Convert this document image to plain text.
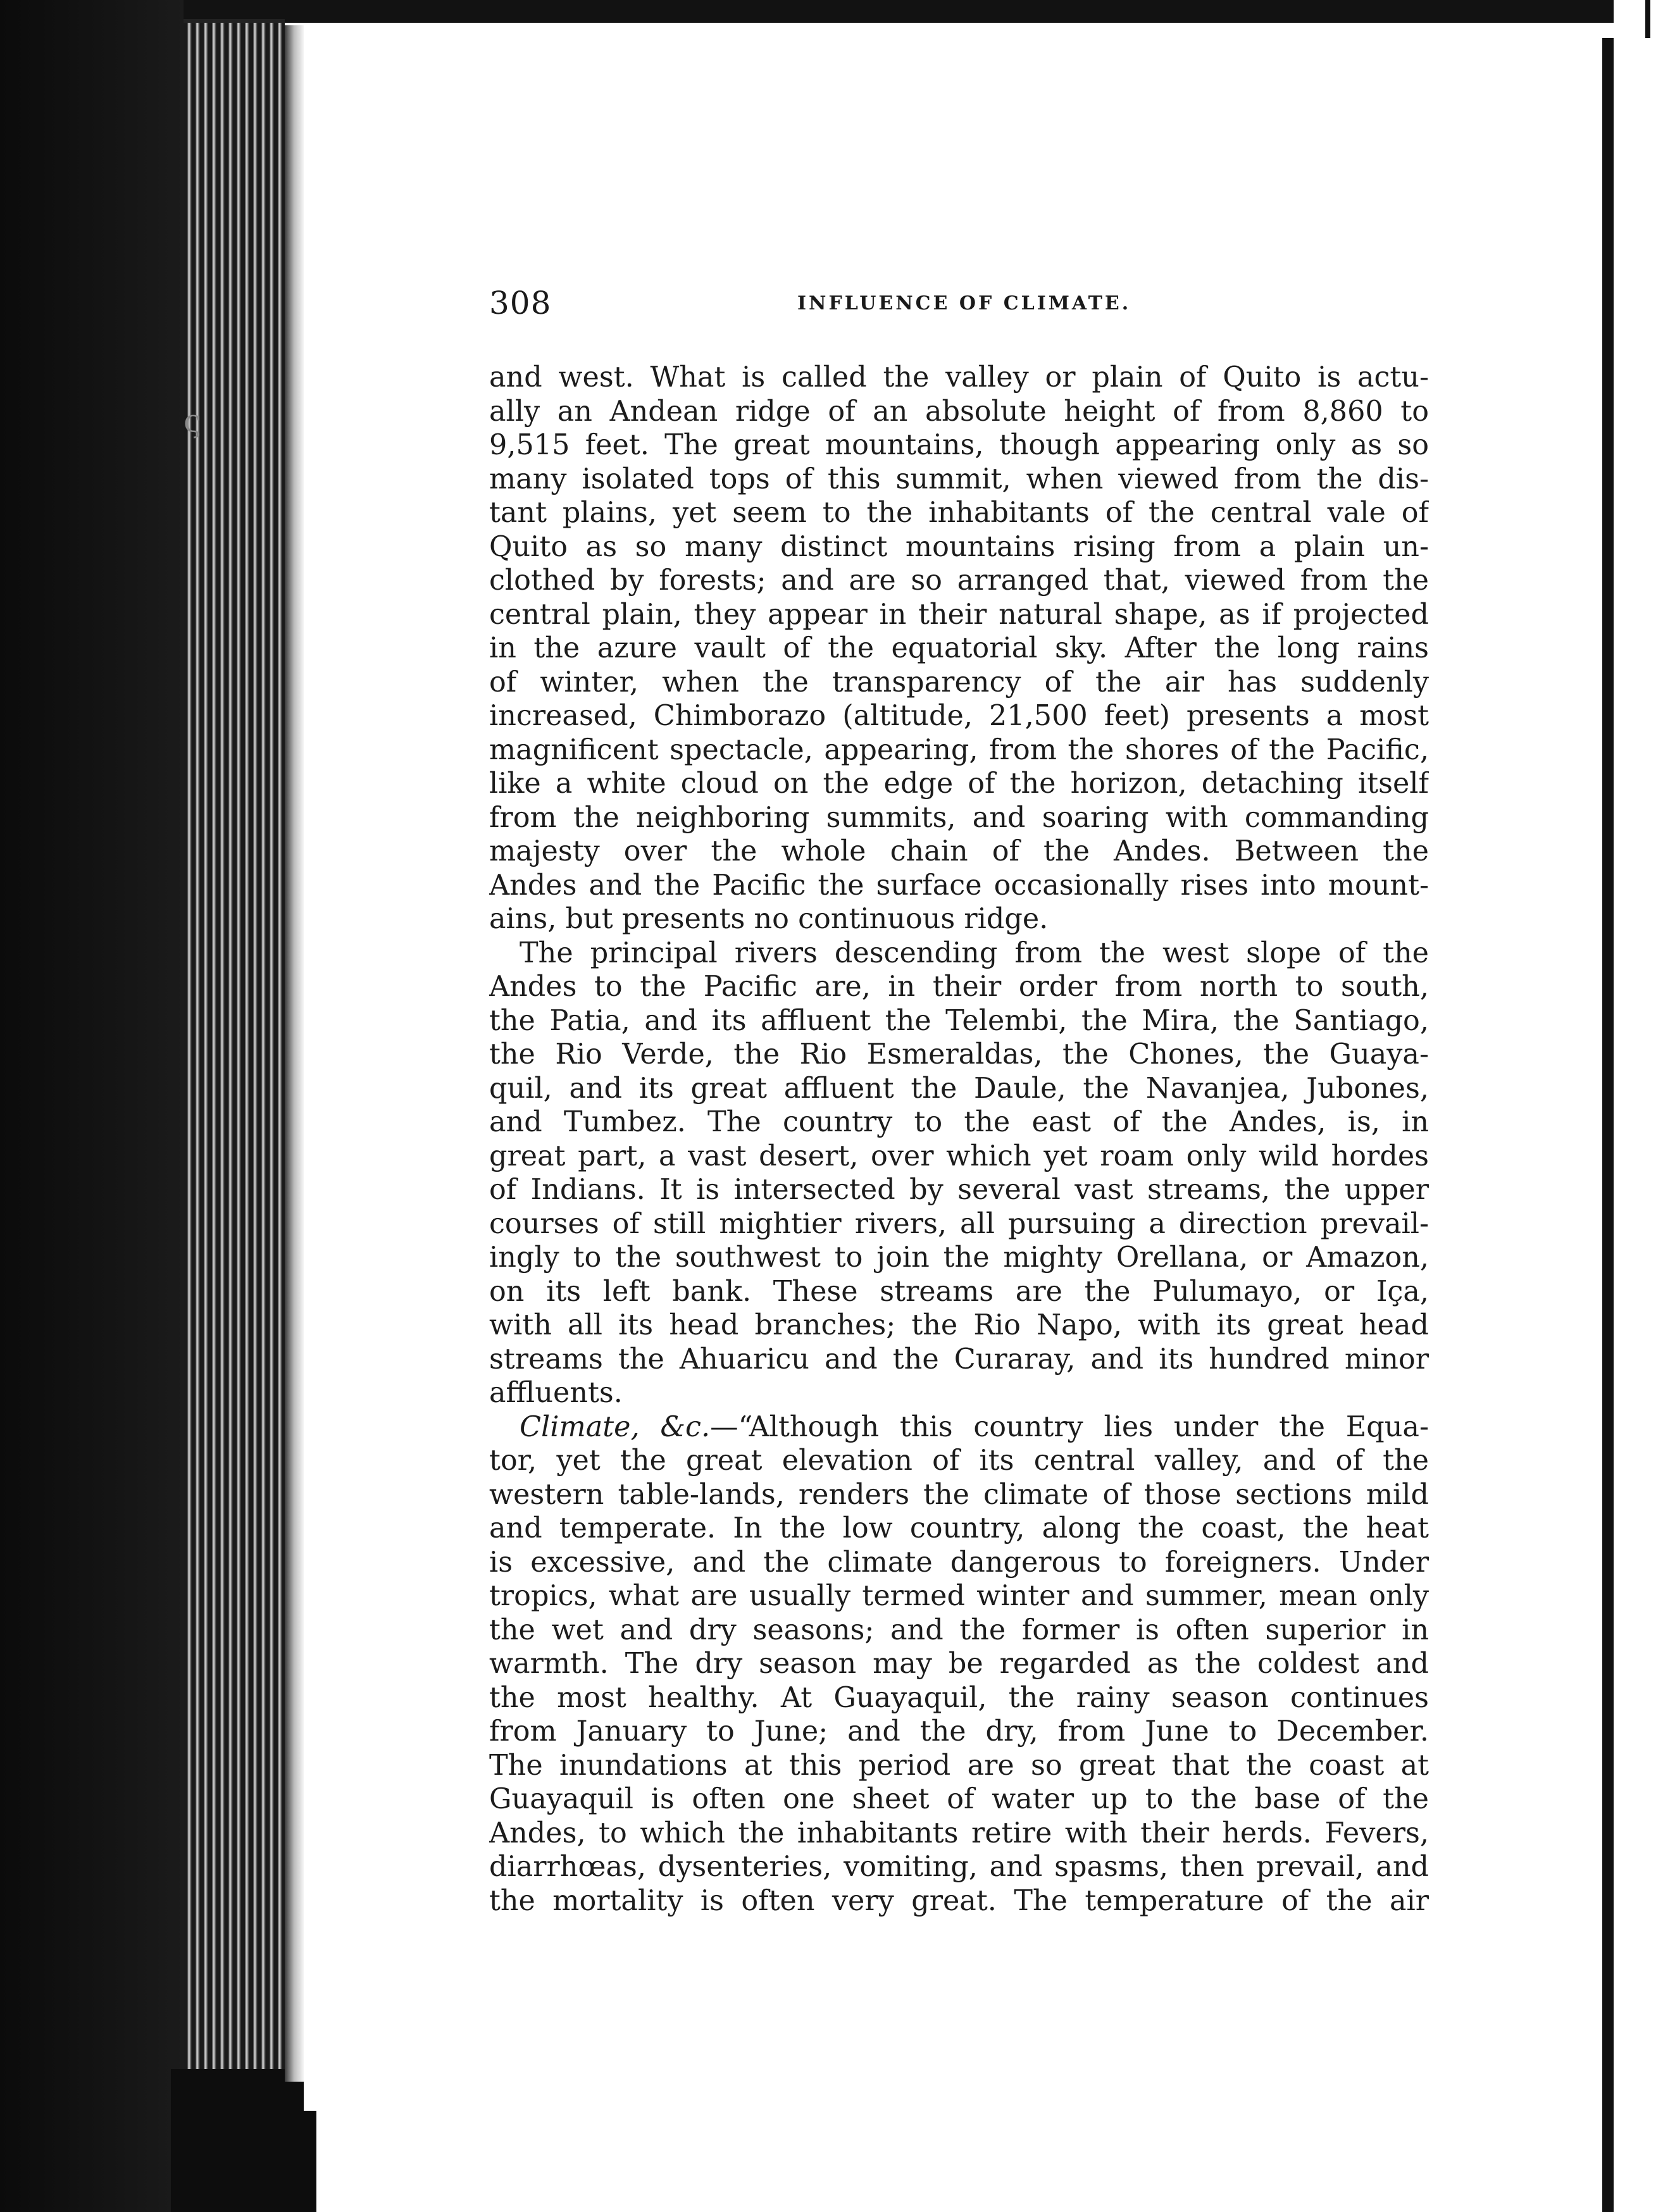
ς
308	INFLUENCE OF CLIMATE.
and west. What is called the valley or plain of Quito is actu-
ally an Andean ridge of an absolute height of from 8,860 to
9,515 feet. The great mountains, though appearing only as so
many isolated tops of this summit, when viewed from the dis-
tant plains, yet seem to the inhabitants of the central vale of
Quito as so many distinct mountains rising from a plain un-
clothed by forests; and are so arranged that, viewed from the
central plain, they appear in their natural shape, as if projected
in the azure vault of the equatorial sky. After the long rains
of winter, when the transparency of the air has suddenly
increased, Chimborazo (altitude, 21,500 feet) presents a most
magnificent spectacle, appearing, from the shores of the Pacific,
like a white cloud on the edge of the horizon, detaching itself
from the neighboring summits, and soaring with commanding
majesty over the whole chain of the Andes. Between the
Andes and the Pacific the surface occasionally rises into mount-
ains, but presents no continuous ridge.
The principal rivers descending from the west slope of the
Andes to the Pacific are, in their order from north to south,
the Patia, and its affluent the Telembi, the Mira, the Santiago,
the Rio Verde, the Rio Esmeraldas, the Chones, the Guaya-
quil, and its great affluent the Daule, the Navanjea, Jubones,
and Tumbez. The country to the east of the Andes, is, in
great part, a vast desert, over which yet roam only wild hordes
of Indians. It is intersected by several vast streams, the upper
courses of still mightier rivers, all pursuing a direction prevail-
ingly to the southwest to join the mighty Orellana, or Amazon,
on its left bank. These streams are the Pulumayo, or Iça,
with all its head branches; the Rio Napo, with its great head
streams the Ahuaricu and the Curaray, and its hundred minor
affluents.
Climate, &c.—“Although this country lies under the Equa-
tor, yet the great elevation of its central valley, and of the
western table-lands, renders the climate of those sections mild
and temperate. In the low country, along the coast, the heat
is excessive, and the climate dangerous to foreigners. Under
tropics, what are usually termed winter and summer, mean only
the wet and dry seasons; and the former is often superior in
warmth. The dry season may be regarded as the coldest and
the most healthy. At Guayaquil, the rainy season continues
from January to June; and the dry, from June to December.
The inundations at this period are so great that the coast at
Guayaquil is often one sheet of water up to the base of the
Andes, to which the inhabitants retire with their herds. Fevers,
diarrhœas, dysenteries, vomiting, and spasms, then prevail, and
the mortality is often very great. The temperature of the air
